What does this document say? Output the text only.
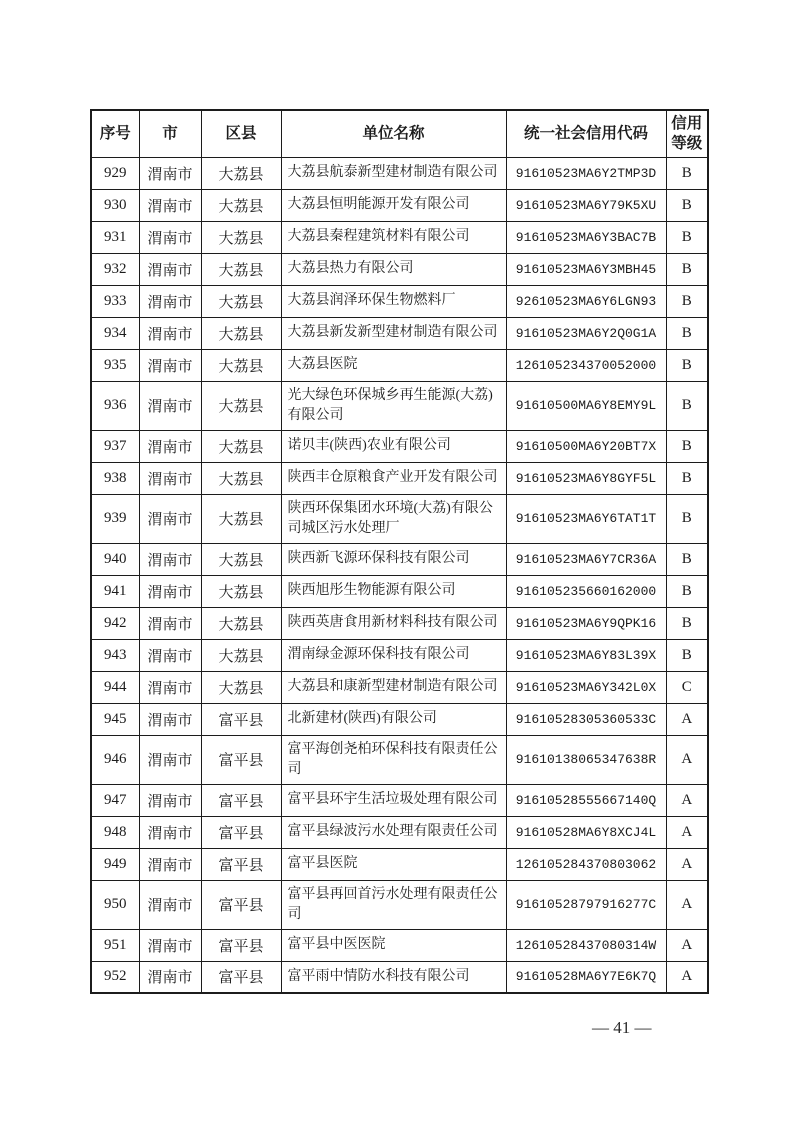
序号	市	区县	单位名称	统一社会信用代码	信用等级
929	渭南市	大荔县	大荔县航泰新型建材制造有限公司	91610523MA6Y2TMP3D	B
930	渭南市	大荔县	大荔县恒明能源开发有限公司	91610523MA6Y79K5XU	B
931	渭南市	大荔县	大荔县秦程建筑材料有限公司	91610523MA6Y3BAC7B	B
932	渭南市	大荔县	大荔县热力有限公司	91610523MA6Y3MBH45	B
933	渭南市	大荔县	大荔县润泽环保生物燃料厂	92610523MA6Y6LGN93	B
934	渭南市	大荔县	大荔县新发新型建材制造有限公司	91610523MA6Y2Q0G1A	B
935	渭南市	大荔县	大荔县医院	126105234370052000	B
936	渭南市	大荔县	光大绿色环保城乡再生能源(大荔)有限公司	91610500MA6Y8EMY9L	B
937	渭南市	大荔县	诺贝丰(陕西)农业有限公司	91610500MA6Y20BT7X	B
938	渭南市	大荔县	陕西丰仓原粮食产业开发有限公司	91610523MA6Y8GYF5L	B
939	渭南市	大荔县	陕西环保集团水环境(大荔)有限公司城区污水处理厂	91610523MA6Y6TAT1T	B
940	渭南市	大荔县	陕西新飞源环保科技有限公司	91610523MA6Y7CR36A	B
941	渭南市	大荔县	陕西旭彤生物能源有限公司	916105235660162000	B
942	渭南市	大荔县	陕西英唐食用新材料科技有限公司	91610523MA6Y9QPK16	B
943	渭南市	大荔县	渭南绿金源环保科技有限公司	91610523MA6Y83L39X	B
944	渭南市	大荔县	大荔县和康新型建材制造有限公司	91610523MA6Y342L0X	C
945	渭南市	富平县	北新建材(陕西)有限公司	91610528305360533C	A
946	渭南市	富平县	富平海创尧柏环保科技有限责任公司	91610138065347638R	A
947	渭南市	富平县	富平县环宇生活垃圾处理有限公司	91610528555667140Q	A
948	渭南市	富平县	富平县绿波污水处理有限责任公司	91610528MA6Y8XCJ4L	A
949	渭南市	富平县	富平县医院	126105284370803062	A
950	渭南市	富平县	富平县再回首污水处理有限责任公司	91610528797916277C	A
951	渭南市	富平县	富平县中医医院	12610528437080314W	A
952	渭南市	富平县	富平雨中情防水科技有限公司	91610528MA6Y7E6K7Q	A
— 41 —
